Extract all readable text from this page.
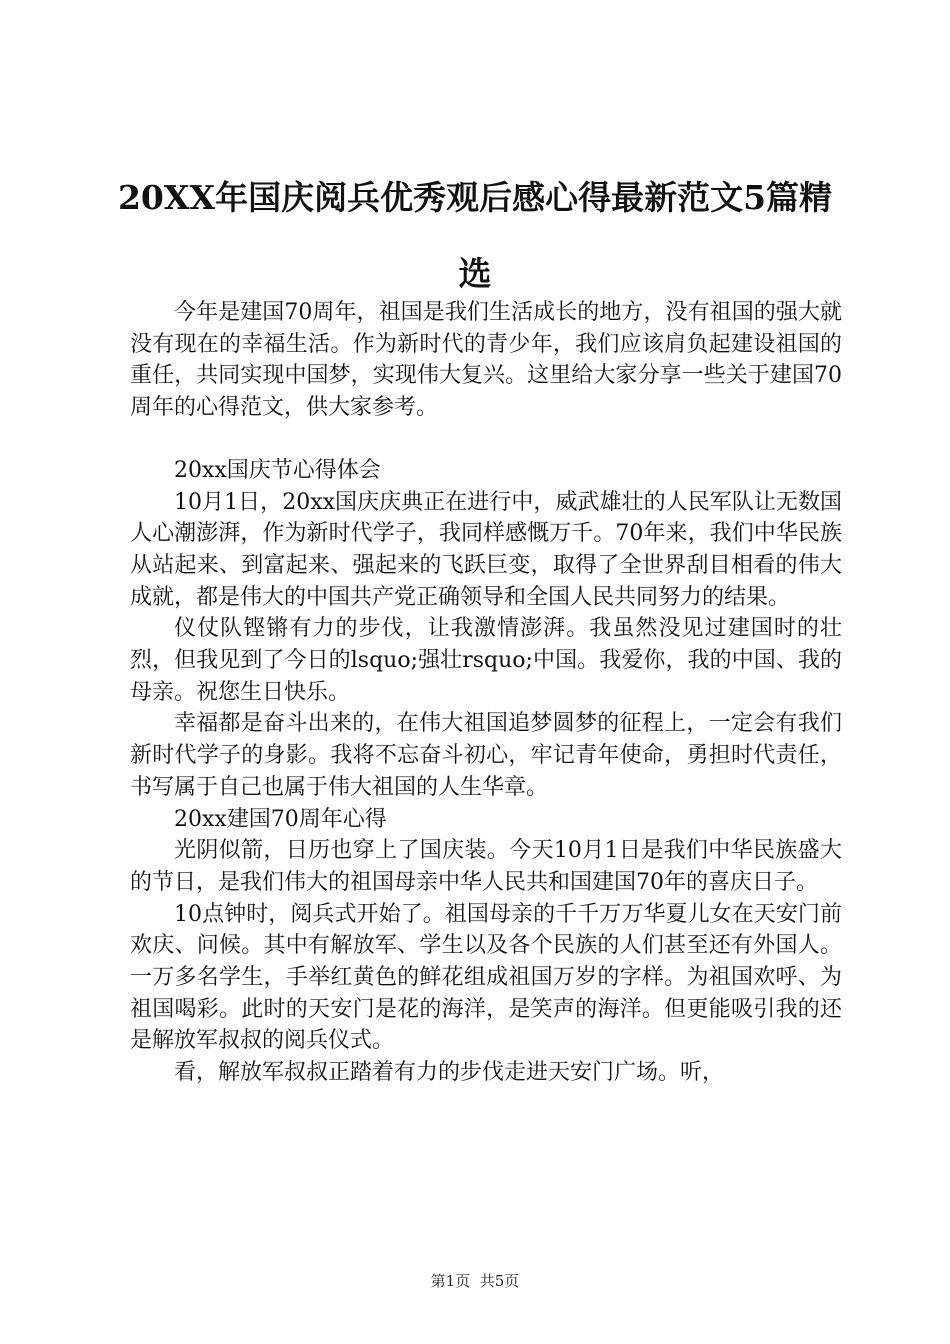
20XX年国庆阅兵优秀观后感心得最新范文5篇精选

今年是建国70周年，祖国是我们生活成长的地方，没有祖国的强大就没有现在的幸福生活。作为新时代的青少年，我们应该肩负起建设祖国的重任，共同实现中国梦，实现伟大复兴。这里给大家分享一些关于建国70周年的心得范文，供大家参考。

20xx国庆节心得体会

10月1日，20xx国庆庆典正在进行中，威武雄壮的人民军队让无数国人心潮澎湃，作为新时代学子，我同样感慨万千。70年来，我们中华民族从站起来、到富起来、强起来的飞跃巨变，取得了全世界刮目相看的伟大成就，都是伟大的中国共产党正确领导和全国人民共同努力的结果。

仪仗队铿锵有力的步伐，让我激情澎湃。我虽然没见过建国时的壮烈，但我见到了今日的lsquo;强壮rsquo;中国。我爱你，我的中国、我的母亲。祝您生日快乐。

幸福都是奋斗出来的，在伟大祖国追梦圆梦的征程上，一定会有我们新时代学子的身影。我将不忘奋斗初心，牢记青年使命，勇担时代责任，书写属于自己也属于伟大祖国的人生华章。

20xx建国70周年心得

光阴似箭，日历也穿上了国庆装。今天10月1日是我们中华民族盛大的节日，是我们伟大的祖国母亲中华人民共和国建国70年的喜庆日子。

10点钟时，阅兵式开始了。祖国母亲的千千万万华夏儿女在天安门前欢庆、问候。其中有解放军、学生以及各个民族的人们甚至还有外国人。一万多名学生，手举红黄色的鲜花组成祖国万岁的字样。为祖国欢呼、为祖国喝彩。此时的天安门是花的海洋，是笑声的海洋。但更能吸引我的还是解放军叔叔的阅兵仪式。

看，解放军叔叔正踏着有力的步伐走进天安门广场。听，

第1页 共5页
